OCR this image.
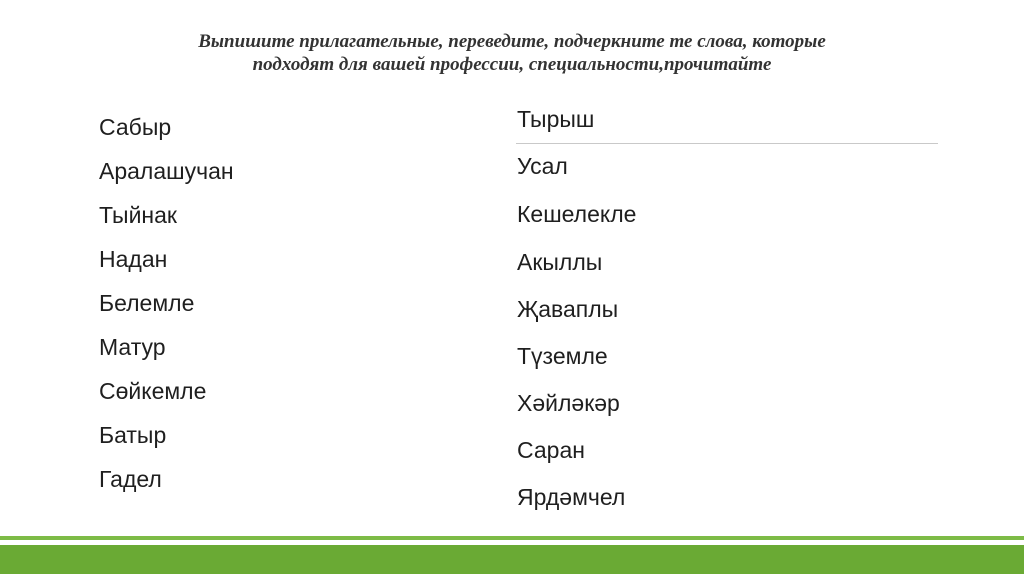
Выпишите прилагательные, переведите, подчеркните те слова, которые
подходят для вашей профессии, специальности,прочитайте
Сабыр
Аралашучан
Тыйнак
Надан
Белемле
Матур
Сөйкемле
Батыр
Гадел
Тырыш
Усал
Кешелекле
Акыллы
Җаваплы
Түземле
Хәйләкәр
Саран
Ярдәмчел
